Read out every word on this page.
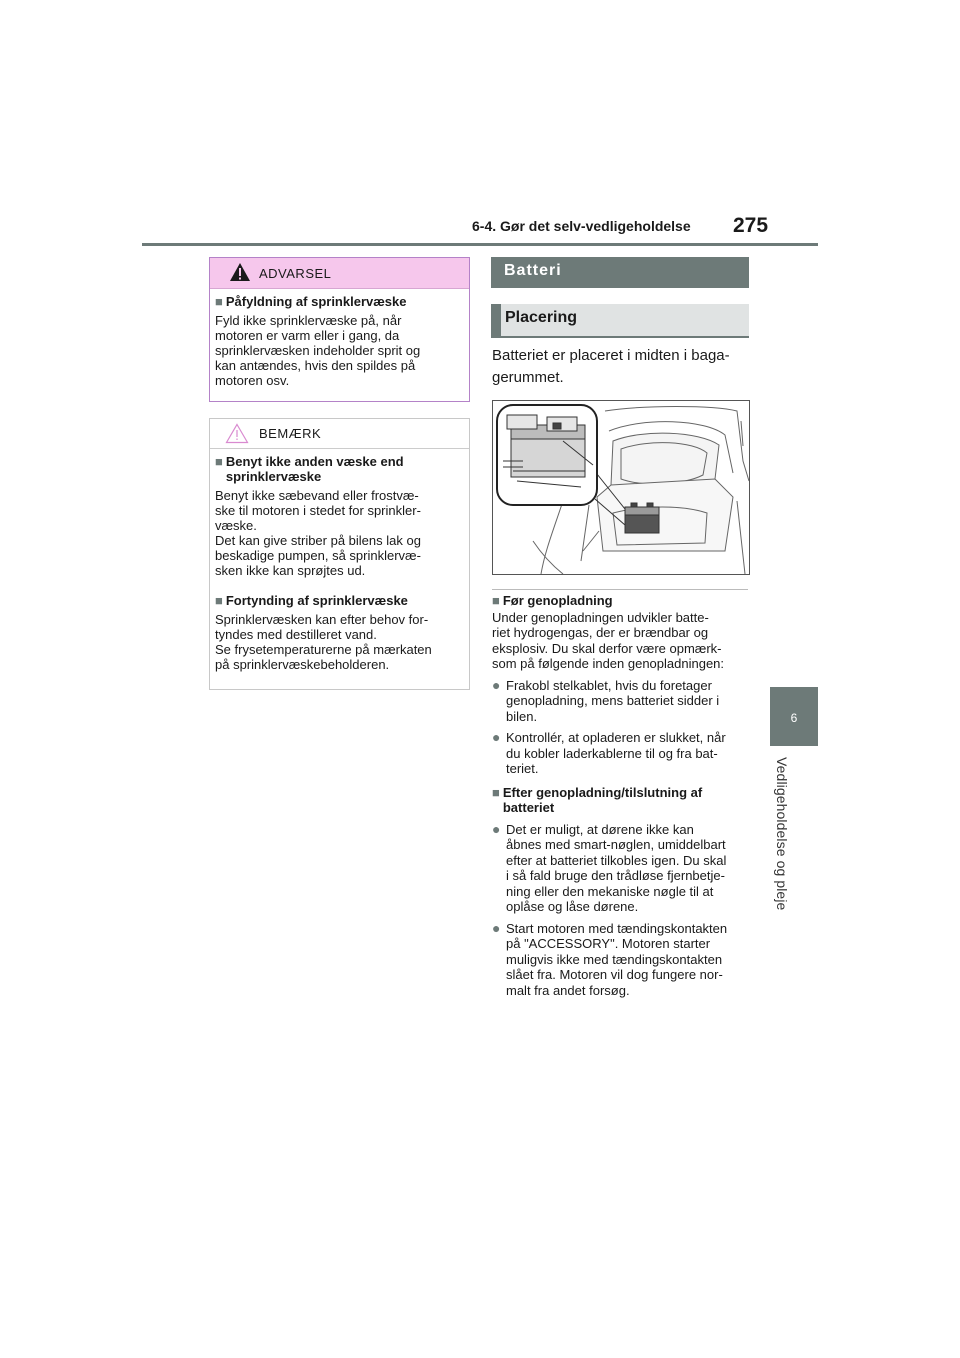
6-4. Gør det selv-vedligeholdelse 275
6
Vedligeholdelse og pleje
ADVARSEL
■ Påfyldning af sprinklervæske
Fyld ikke sprinklervæske på, når
motoren er varm eller i gang, da
sprinklervæsken indeholder sprit og
kan antændes, hvis den spildes på
motoren osv.
BEMÆRK
■ Benyt ikke anden væske end
sprinklervæske
Benyt ikke sæbevand eller frostvæ-
ske til motoren i stedet for sprinkler-
væske.
Det kan give striber på bilens lak og
beskadige pumpen, så sprinklervæ-
sken ikke kan sprøjtes ud.
■ Fortynding af sprinklervæske
Sprinklervæsken kan efter behov for-
tyndes med destilleret vand.
Se frysetemperaturerne på mærkaten
på sprinklervæskebeholderen.
Batteri
Placering
Batteriet er placeret i midten i baga-
gerummet.
■ Før genopladning
Under genopladningen udvikler batte-
riet hydrogengas, der er brændbar og
eksplosiv. Du skal derfor være opmærk-
som på følgende inden genopladningen:
● Frakobl stelkablet, hvis du foretager
genopladning, mens batteriet sidder i
bilen.
● Kontrollér, at opladeren er slukket, når
du kobler laderkablerne til og fra bat-
teriet.
■ Efter genopladning/tilslutning af
batteriet
● Det er muligt, at dørene ikke kan
åbnes med smart-nøglen, umiddelbart
efter at batteriet tilkobles igen. Du skal
i så fald bruge den trådløse fjernbetje-
ning eller den mekaniske nøgle til at
oplåse og låse dørene.
● Start motoren med tændingskontakten
på "ACCESSORY". Motoren starter
muligvis ikke med tændingskontakten
slået fra. Motoren vil dog fungere nor-
malt fra andet forsøg.
